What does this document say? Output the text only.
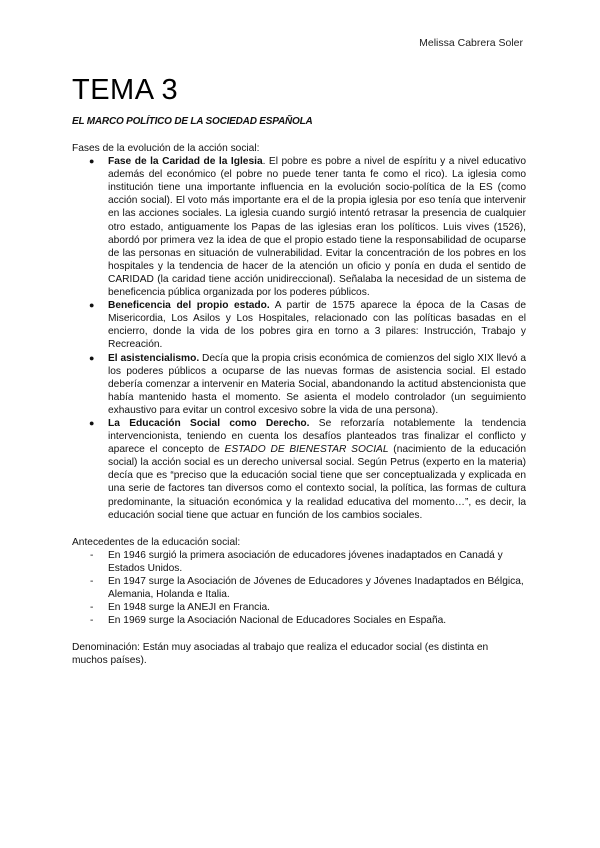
Melissa Cabrera Soler
TEMA 3
EL MARCO POLÍTICO DE LA SOCIEDAD ESPAÑOLA

Fases de la evolución de la acción social:

● Fase de la Caridad de la Iglesia. El pobre es pobre a nivel de espíritu y a nivel educativo además del económico (el pobre no puede tener tanta fe como el rico). La iglesia como institución tiene una importante influencia en la evolución socio-política de la ES (como acción social). El voto más importante era el de la propia iglesia por eso tenía que intervenir en las acciones sociales. La iglesia cuando surgió intentó retrasar la presencia de cualquier otro estado, antiguamente los Papas de las iglesias eran los políticos. Luis vives (1526), abordó por primera vez la idea de que el propio estado tiene la responsabilidad de ocuparse de las personas en situación de vulnerabilidad. Evitar la concentración de los pobres en los hospitales y la tendencia de hacer de la atención un oficio y ponía en duda el sentido de CARIDAD (la caridad tiene acción unidireccional). Señalaba la necesidad de un sistema de beneficencia pública organizada por los poderes públicos.
● Beneficencia del propio estado. A partir de 1575 aparece la época de la Casas de Misericordia, Los Asilos y Los Hospitales, relacionado con las políticas basadas en el encierro, donde la vida de los pobres gira en torno a 3 pilares: Instrucción, Trabajo y Recreación.
● El asistencialismo. Decía que la propia crisis económica de comienzos del siglo XIX llevó a los poderes públicos a ocuparse de las nuevas formas de asistencia social. El estado debería comenzar a intervenir en Materia Social, abandonando la actitud abstencionista que había mantenido hasta el momento. Se asienta el modelo controlador (un seguimiento exhaustivo para evitar un control excesivo sobre la vida de una persona).
● La Educación Social como Derecho. Se reforzaría notablemente la tendencia intervencionista, teniendo en cuenta los desafíos planteados tras finalizar el conflicto y aparece el concepto de ESTADO DE BIENESTAR SOCIAL (nacimiento de la educación social) la acción social es un derecho universal social. Según Petrus (experto en la materia) decía que es “preciso que la educación social tiene que ser conceptualizada y explicada en una serie de factores tan diversos como el contexto social, la política, las formas de cultura predominante, la situación económica y la realidad educativa del momento…”, es decir, la educación social tiene que actuar en función de los cambios sociales.

Antecedentes de la educación social:

- En 1946 surgió la primera asociación de educadores jóvenes inadaptados en Canadá y Estados Unidos.
- En 1947 surge la Asociación de Jóvenes de Educadores y Jóvenes Inadaptados en Bélgica, Alemania, Holanda e Italia.
- En 1948 surge la ANEJI en Francia.
- En 1969 surge la Asociación Nacional de Educadores Sociales en España.

Denominación: Están muy asociadas al trabajo que realiza el educador social (es distinta en muchos países).
